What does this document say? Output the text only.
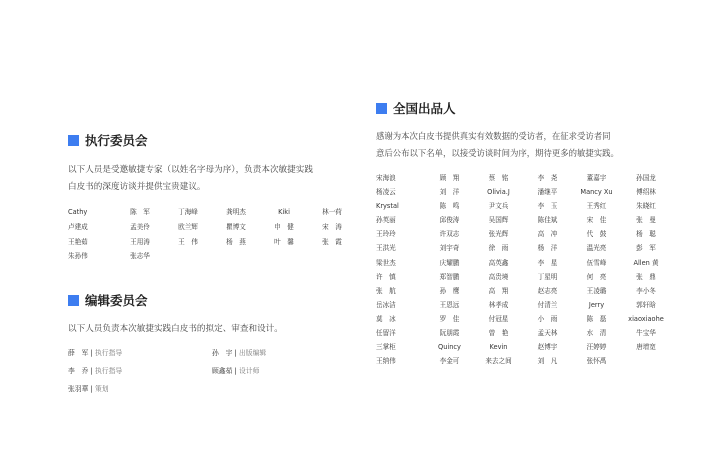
执行委员会
以下人员是受邀敏捷专家（以姓名字母为序），负责本次敏捷实践
白皮书的深度访谈并提供宝贵建议。
Cathy	陈　军	丁海峰	龚明杰	Kiki	林一荷
卢建成	孟美伶	欧兰辉	瞿博文	申　健	宋　涛
王艳茹	王用涛	王　伟	杨　燕	叶　馨	张　霞
朱孙伟	张志华
编辑委员会
以下人员负责本次敏捷实践白皮书的拟定、审查和设计。
薛　军 | 执行指导	孙　宇 | 出版编辑
李　乔 | 执行指导	顾鑫茹 | 设计师
张羽華 | 策划
全国出品人
感谢为本次白皮书提供真实有效数据的受访者，在征求受访者同
意后公布以下名单，以接受访谈时间为序，期待更多的敏捷实践。
宋海浪	顾　翔	蔡　铭	李　尧	董嘉宇	孙国龙
杨凌云	刘　洋	Olivia.J	潘继平	Mancy Xu	傅绍林
Krystal	陈　鸣	尹文兵	李　玉	王秀红	朱晓红
孙英丽	邱俊涛	吴国辉	陈佳斌	宋　佳	张　曼
王玲玲	许双志	张光辉	高　冲	代　鼓	杨　聪
王洪光	刘宇奇	徐　雨	杨　洋	温光亮	彭　军
梁世杰	庆耀鹏	高英鑫	李　星	伍雪峰	Allen 黄
许　慎	郑智鹏	高贵境	丁星明	何　亮	张　鼎
张　航	孙　鹰	高　翔	赵志亮	王凌璐	李小冬
岳冰洁	王恩远	林孝成	付清兰	Jerry	郭轩晗
莫　冰	罗　佳	付冠星	小　雨	陈　磊	xiaoxiaohe
任留洋	阮朋霞	曾　艳	孟天林	水　清	牛宝华
三掌柜	Quincy	Kevin	赵博宇	汪婷婷	唐增宽
王纳伟	李金可	来去之间	刘　凡	张怀禹
